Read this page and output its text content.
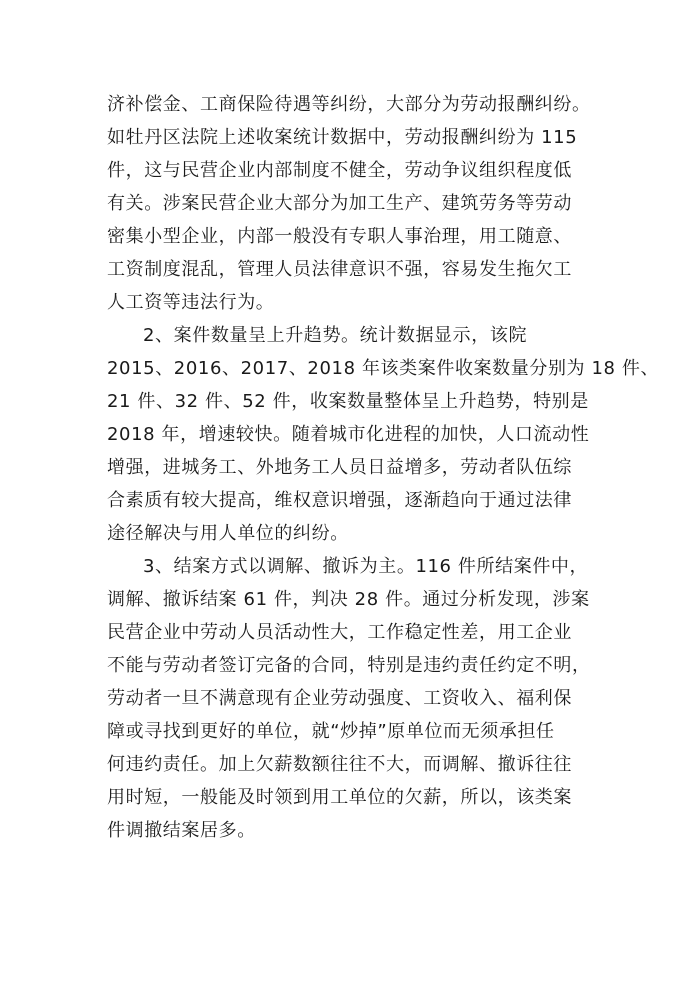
济补偿金、工商保险待遇等纠纷，大部分为劳动报酬纠纷。
如牡丹区法院上述收案统计数据中，劳动报酬纠纷为 115
件，这与民营企业内部制度不健全，劳动争议组织程度低
有关。涉案民营企业大部分为加工生产、建筑劳务等劳动
密集小型企业，内部一般没有专职人事治理，用工随意、
工资制度混乱，管理人员法律意识不强，容易发生拖欠工
人工资等违法行为。
2、案件数量呈上升趋势。统计数据显示，该院
2015、2016、2017、2018 年该类案件收案数量分别为 18 件、
21 件、32 件、52 件，收案数量整体呈上升趋势，特别是
2018 年，增速较快。随着城市化进程的加快，人口流动性
增强，进城务工、外地务工人员日益增多，劳动者队伍综
合素质有较大提高，维权意识增强，逐渐趋向于通过法律
途径解决与用人单位的纠纷。
3、结案方式以调解、撤诉为主。116 件所结案件中，
调解、撤诉结案 61 件，判决 28 件。通过分析发现，涉案
民营企业中劳动人员活动性大，工作稳定性差，用工企业
不能与劳动者签订完备的合同，特别是违约责任约定不明，
劳动者一旦不满意现有企业劳动强度、工资收入、福利保
障或寻找到更好的单位，就“炒掉”原单位而无须承担任
何违约责任。加上欠薪数额往往不大，而调解、撤诉往往
用时短，一般能及时领到用工单位的欠薪，所以，该类案
件调撤结案居多。
